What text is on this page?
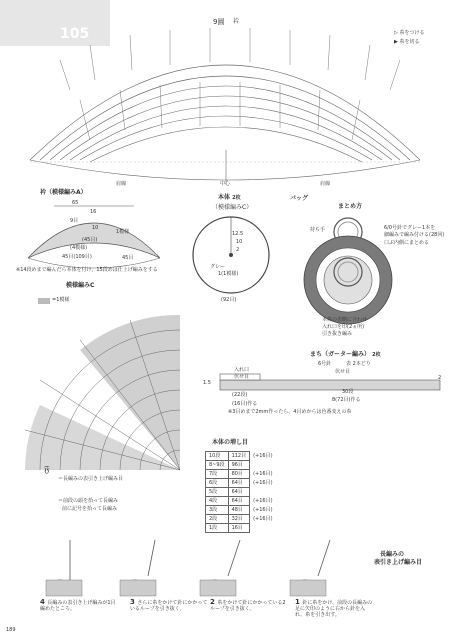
9圓 衿
105	▷ 糸をつける
▶ 糸を切る
肩線	中心	肩線
衿（模様編みA）
65
16
9目
10
1模様
(45目)
(4模様)
45目(109目)	45目
※14段めまで編んだら本体を付け、15段めは仕上げ編みをする
本体 2枚
（模様編みC）
12.5
10
2
グレー
1(1模様)
(92目)
バッグ
まとめ方
持ち手	6/0号針でグレー1本を
細編みで編み付ける(28回)
口ぶ内側にまとめる
本体の表側に合わせ
入れ口を印(2ヵ所)
引き抜き編み
模様編みC
=1模様
まち（ガーター編み） 2枚
6号針	表 2本どり
入れ口
伏せ目
伏せ目
1.5
2
(22段)	30段
(16目)作る
8(72目)作る
※3目めまで2mm作ったら、4目めからは色番変えの糸
本体の増し目
10段	112目	(+16目)
8~9段	96目	
7段	80目	(+16目)
6段	64目	(+16目)
5段	64目	
4段	64目	(+16目)
3段	48目	(+16目)
2段	32目	(+16目)
1段	16目	
𝔉
＝長編みの表引き上げ編み目
＝前段の頭を拾って長編み
前に記号を拾って長編み
長編みの
表引き上げ編み目
4 長編みの表引き上げ編みが1目編めたところ。
3 さらに糸をかけて針にかかっているループを引き抜く。
2 糸をかけて針にかかっている2ループを引き抜く。
1 針に糸をかけ、前段の長編みの足に矢印のように右から針を入れ、糸を引き出す。
189
